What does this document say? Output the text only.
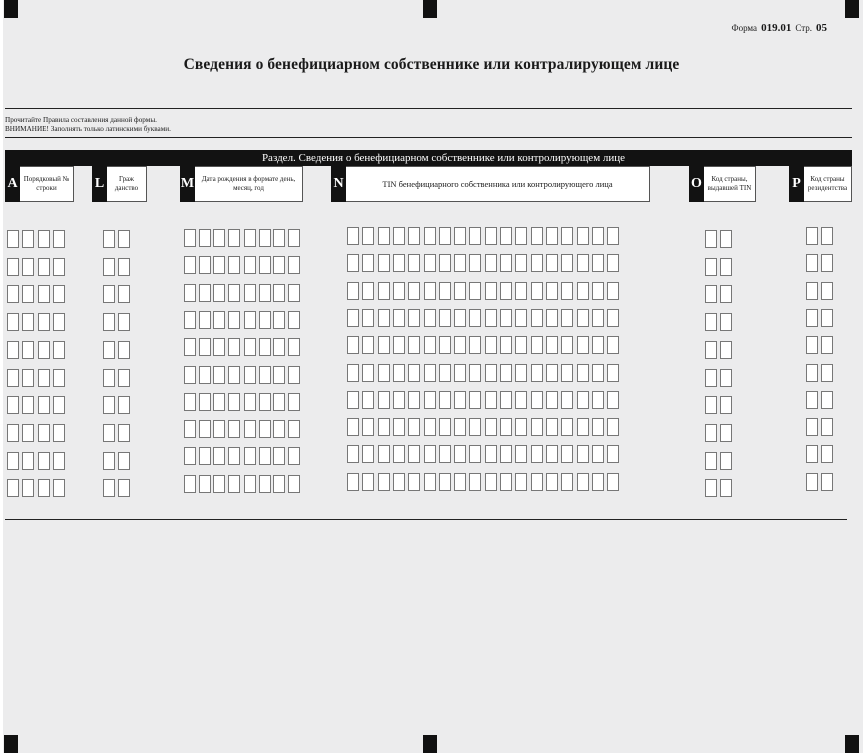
Форма 019.01 Стр. 05
Сведения о бенефициарном собственнике или контралирующем лице
Прочитайте Правила составления данной формы.
ВНИМАНИЕ! Заполнять только латинскими буквами.
Раздел. Сведения о бенефициарном собственнике или контролирующем лице
A Порядковый № строки	L	Граж данство	M	Дата рождения в формате день, месяц, год	N	TIN бенефициарного собственника или контролирующего лица	O	Код страны, выдавшей TIN	P	Код страны резидентства
